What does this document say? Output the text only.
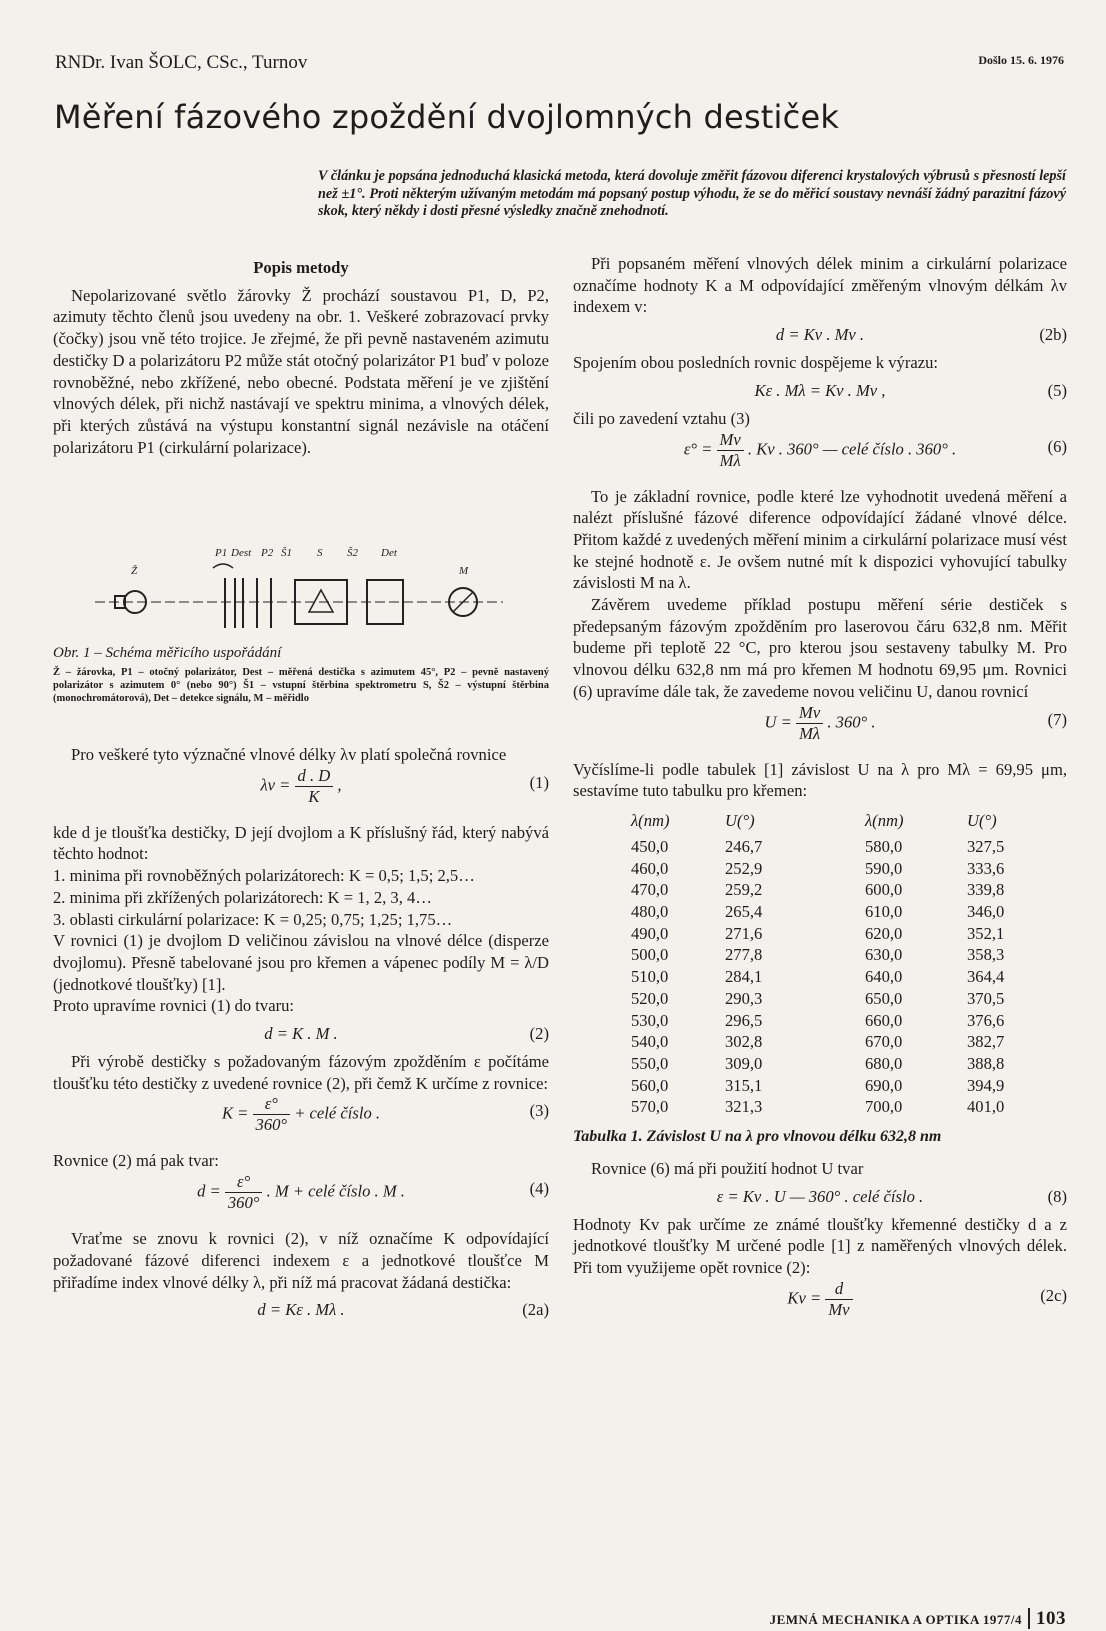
RNDr. Ivan ŠOLC, CSc., Turnov	Došlo 15. 6. 1976
Měření fázového zpoždění dvojlomných destiček
V článku je popsána jednoduchá klasická metoda, která dovoluje změřit fázovou diferenci krystalových výbrusů s přesností lepší než ±1°. Proti některým užívaným metodám má popsaný postup výhodu, že se do měřicí soustavy nevnáší žádný parazitní fázový skok, který někdy i dosti přesné výsledky značně znehodnotí.
Popis metody

Nepolarizované světlo žárovky Ž prochází soustavou P1, D, P2, azimuty těchto členů jsou uvedeny na obr. 1. Veškeré zobrazovací prvky (čočky) jsou vně této trojice. Je zřejmé, že při pevně nastaveném azimutu destičky D a polarizátoru P2 může stát otočný polarizátor P1 buď v poloze rovnoběžné, nebo zkřížené, nebo obecné. Podstata měření je ve zjištění vlnových délek, při nichž nastávají ve spektru minima, a vlnových délek, při kterých zůstává na výstupu konstantní signál nezávisle na otáčení polarizátoru P1 (cirkulární polarizace).

P1 Dest P2 Š1 S Š2 Det
Ž	M
Obr. 1 – Schéma měřicího uspořádání
Ž – žárovka, P1 – otočný polarizátor, Dest – měřená destička s azimutem 45°, P2 – pevně nastavený polarizátor s azimutem 0° (nebo 90°) Š1 – vstupní štěrbina spektrometru S, Š2 – výstupní štěrbina (monochromátorová), Det – detekce signálu, M – měřidlo

Pro veškeré tyto význačné vlnové délky λv platí společná rovnice

$\lambda v = \frac{d . D}{K}$ ,	(1)

kde d je tloušťka destičky, D její dvojlom a K příslušný řád, který nabývá těchto hodnot:

1. minima při rovnoběžných polarizátorech: K = 0,5; 1,5; 2,5…
2. minima při zkřížených polarizátorech: K = 1, 2, 3, 4…
3. oblasti cirkulární polarizace: K = 0,25; 0,75; 1,25; 1,75…

V rovnici (1) je dvojlom D veličinou závislou na vlnové délce (disperze dvojlomu). Přesně tabelované jsou pro křemen a vápenec podíly M = λ/D (jednotkové tloušťky) [1].

Proto upravíme rovnici (1) do tvaru:

d = K . M .	(2)

Při výrobě destičky s požadovaným fázovým zpožděním ε počítáme tloušťku této destičky z uvedené rovnice (2), při čemž K určíme z rovnice:

$K = \frac{\varepsilon^\circ}{360^\circ}$ + celé číslo .	(3)

Rovnice (2) má pak tvar:

$d = \frac{\varepsilon^\circ}{360^\circ}$ . M + celé číslo . M .	(4)

Vraťme se znovu k rovnici (2), v níž označíme K odpovídající požadované fázové diferenci indexem ε a jednotkové tloušťce M přiřadíme index vlnové délky λ, při níž má pracovat žádaná destička:

d = Kε . Mλ .	(2a)

Při popsaném měření vlnových délek minim a cirkulární polarizace označíme hodnoty K a M odpovídající změřeným vlnovým délkám λv indexem v:

d = Kv . Mv .	(2b)

Spojením obou posledních rovnic dospějeme k výrazu:

Kε . Mλ = Kv . Mv ,	(5)

čili po zavedení vztahu (3)

$\varepsilon^\circ = \frac{Mv}{M\lambda}$ . Kv . 360° — celé číslo . 360° .	(6)

To je základní rovnice, podle které lze vyhodnotit uvedená měření a nalézt příslušné fázové diference odpovídající žádané vlnové délce. Přitom každé z uvedených měření minim a cirkulární polarizace musí vést ke stejné hodnotě ε. Je ovšem nutné mít k dispozici vyhovující tabulky závislosti M na λ.

Závěrem uvedeme příklad postupu měření série destiček s předepsaným fázovým zpožděním pro laserovou čáru 632,8 nm. Měřit budeme při teplotě 22 °C, pro kterou jsou sestaveny tabulky M. Pro vlnovou délku 632,8 nm má pro křemen M hodnotu 69,95 μm. Rovnici (6) upravíme dále tak, že zavedeme novou veličinu U, danou rovnicí

$U = \frac{Mv}{M\lambda}$ . 360° .	(7)

Vyčíslíme-li podle tabulek [1] závislost U na λ pro Mλ = 69,95 μm, sestavíme tuto tabulku pro křemen:

λ(nm)	U(°)	λ(nm)	U(°)
450,0	246,7	580,0	327,5
460,0	252,9	590,0	333,6
470,0	259,2	600,0	339,8
480,0	265,4	610,0	346,0
490,0	271,6	620,0	352,1
500,0	277,8	630,0	358,3
510,0	284,1	640,0	364,4
520,0	290,3	650,0	370,5
530,0	296,5	660,0	376,6
540,0	302,8	670,0	382,7
550,0	309,0	680,0	388,8
560,0	315,1	690,0	394,9
570,0	321,3	700,0	401,0
Tabulka 1. Závislost U na λ pro vlnovou délku 632,8 nm

Rovnice (6) má při použití hodnot U tvar

ε = Kv . U — 360° . celé číslo .	(8)

Hodnoty Kv pak určíme ze známé tloušťky křemenné destičky d a z jednotkové tloušťky M určené podle [1] z naměřených vlnových délek. Při tom využijeme opět rovnice (2):

$Kv = \frac{d}{Mv}$	(2c)
JEMNÁ MECHANIKA A OPTIKA 1977/4 103
